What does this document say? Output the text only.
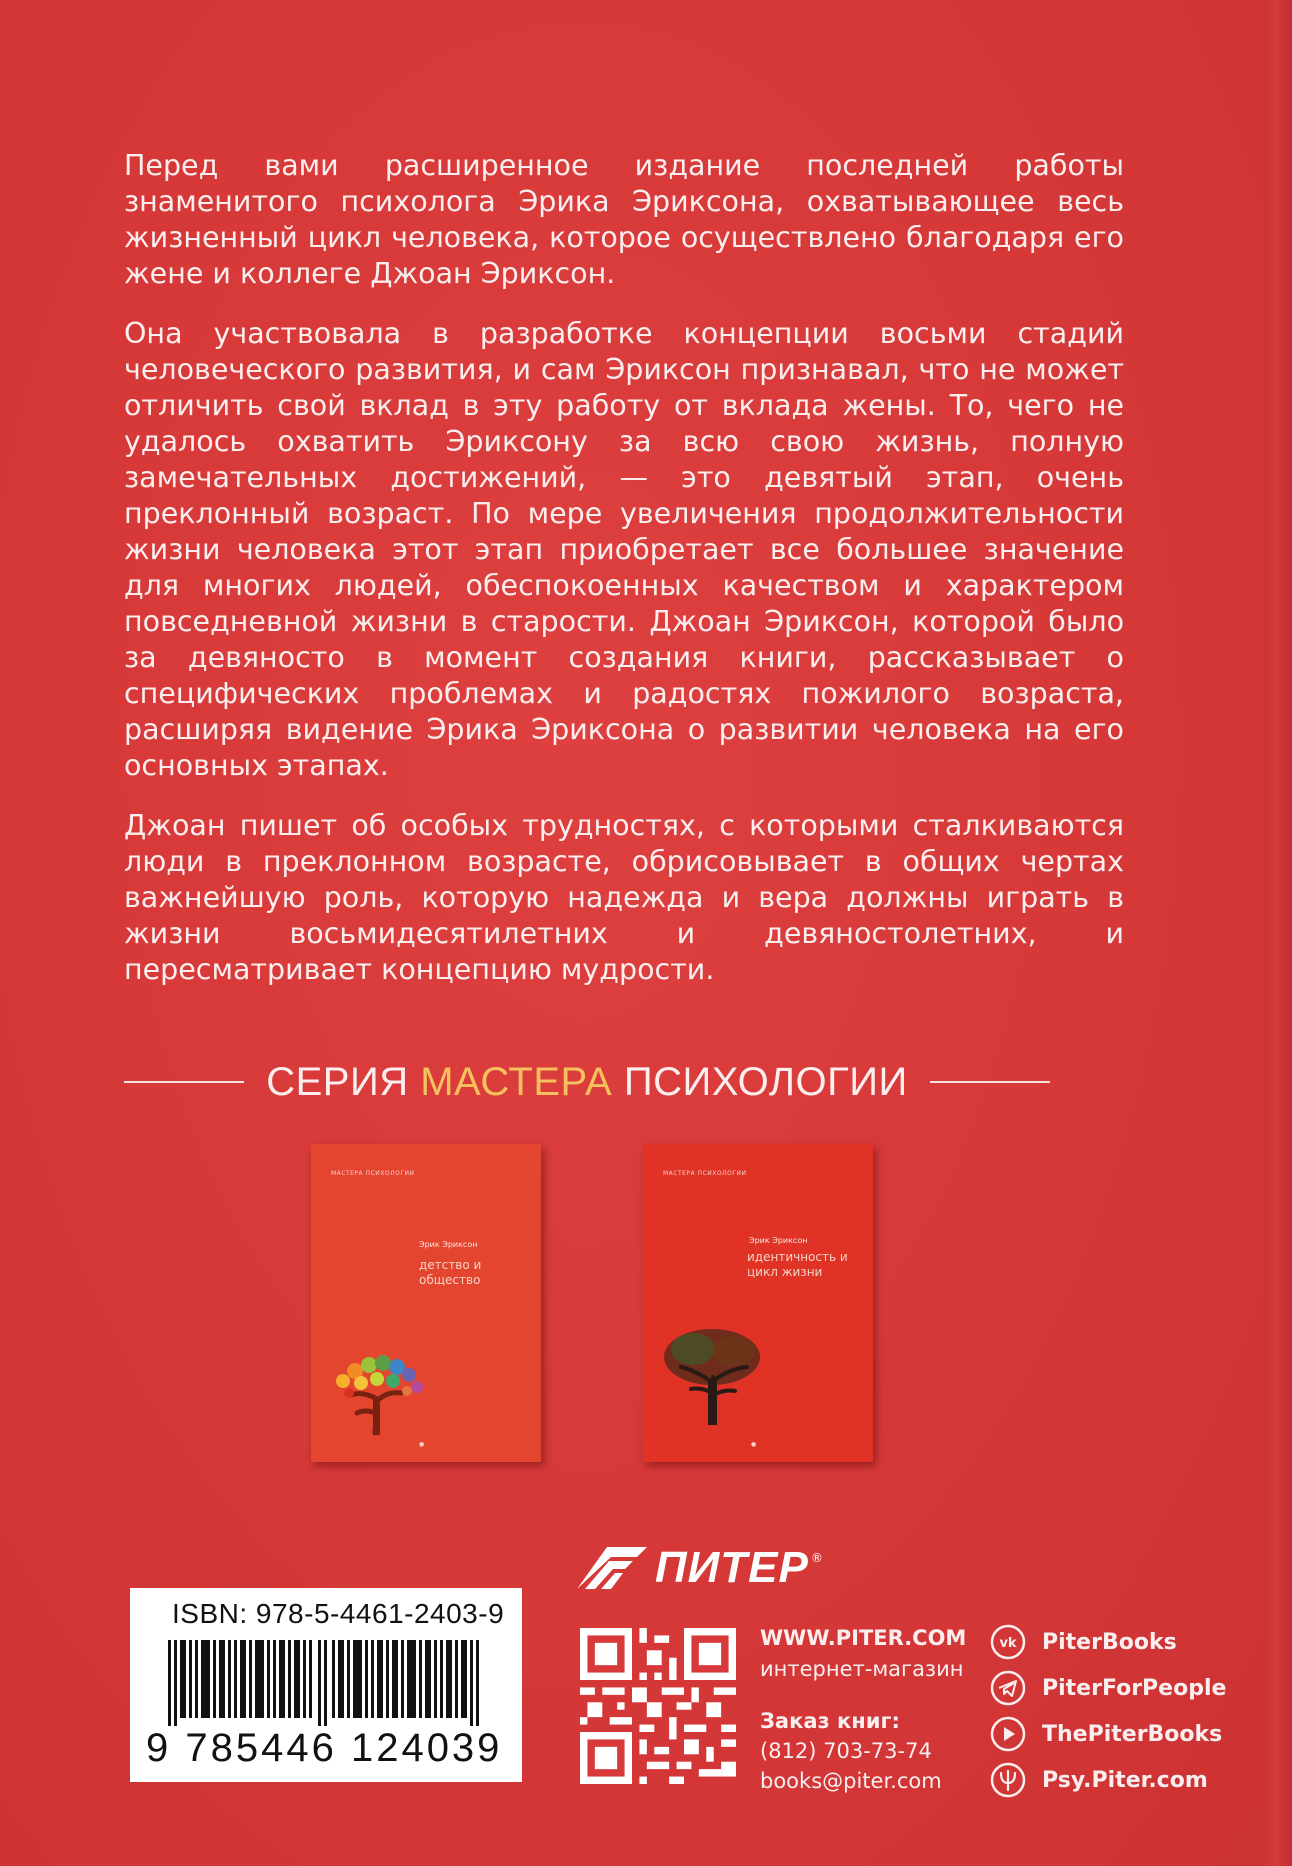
Перед вами расширенное издание последней работы знаменитого психолога Эрика Эриксона, охватывающее весь жизненный цикл человека, которое осуществлено благодаря его жене и коллеге Джоан Эриксон.

Она участвовала в разработке концепции восьми стадий человеческого развития, и сам Эриксон признавал, что не может отличить свой вклад в эту работу от вклада жены. То, чего не удалось охватить Эриксону за всю свою жизнь, полную замечательных достижений, — это девятый этап, очень преклонный возраст. По мере увеличения продолжительности жизни человека этот этап приобретает все большее значение для многих людей, обеспокоенных качеством и характером повседневной жизни в старости. Джоан Эриксон, которой было за девяносто в момент создания книги, рассказывает о специфических проблемах и радостях пожилого возраста, расширяя видение Эрика Эриксона о развитии человека на его основных этапах.

Джоан пишет об особых трудностях, с которыми сталкиваются люди в преклонном возрасте, обрисовывает в общих чертах важнейшую роль, которую надежда и вера должны играть в жизни восьмидесятилетних и девяностолетних, и пересматривает концепцию мудрости.

СЕРИЯ МАСТЕРА ПСИХОЛОГИИ
МАСТЕРА ПСИХОЛОГИИ
Эрик Эриксон
детство и общество
●
МАСТЕРА ПСИХОЛОГИИ
Эрик Эриксон
идентичность и цикл жизни
●
ISBN: 978-5-4461-2403-9
9 785446 124039
ПИТЕР ®
WWW.PITER.COM
интернет-магазин
Заказ книг:
(812) 703-73-74
books@piter.com
vk PiterBooks
PiterForPeople
ThePiterBooks
Psy.Piter.com
